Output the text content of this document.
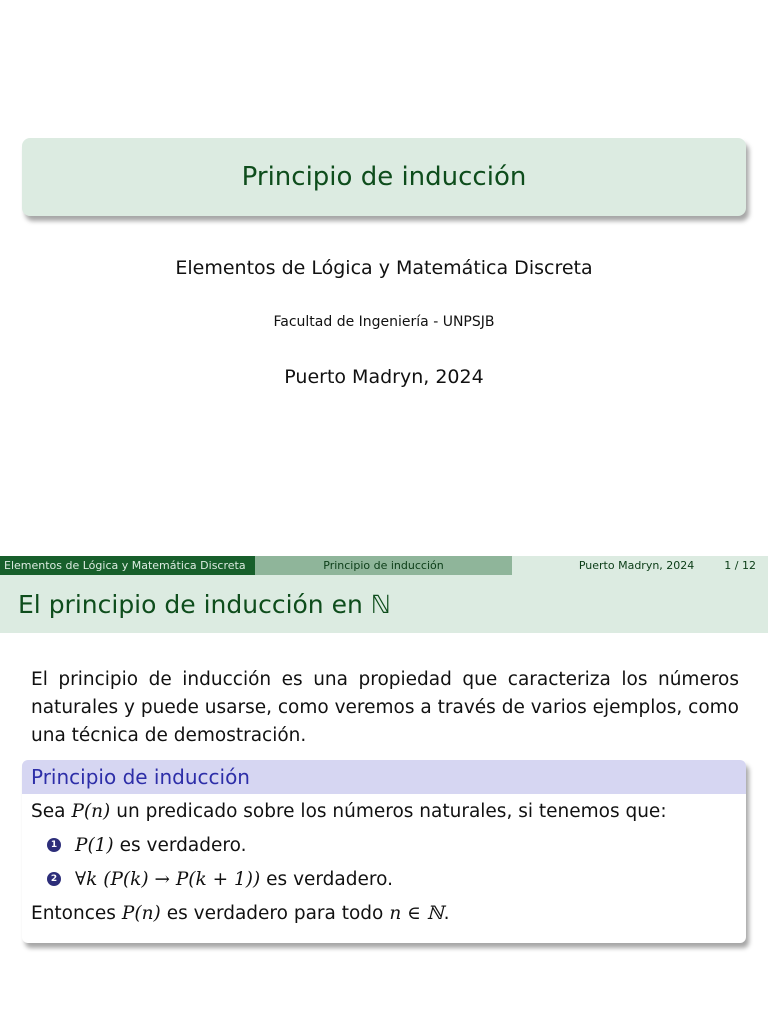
Principio de inducción
Elementos de Lógica y Matemática Discreta
Facultad de Ingeniería - UNPSJB
Puerto Madryn, 2024
Elementos de Lógica y Matemática Discreta	Principio de inducción	Puerto Madryn, 2024	1 / 12
El principio de inducción en ℕ
El principio de inducción es una propiedad que caracteriza los números naturales y puede usarse, como veremos a través de varios ejemplos, como una técnica de demostración.
Principio de inducción
Sea P(n) un predicado sobre los números naturales, si tenemos que:
1 P(1) es verdadero.
2 ∀k (P(k) → P(k + 1)) es verdadero.
Entonces P(n) es verdadero para todo n ∈ ℕ .
